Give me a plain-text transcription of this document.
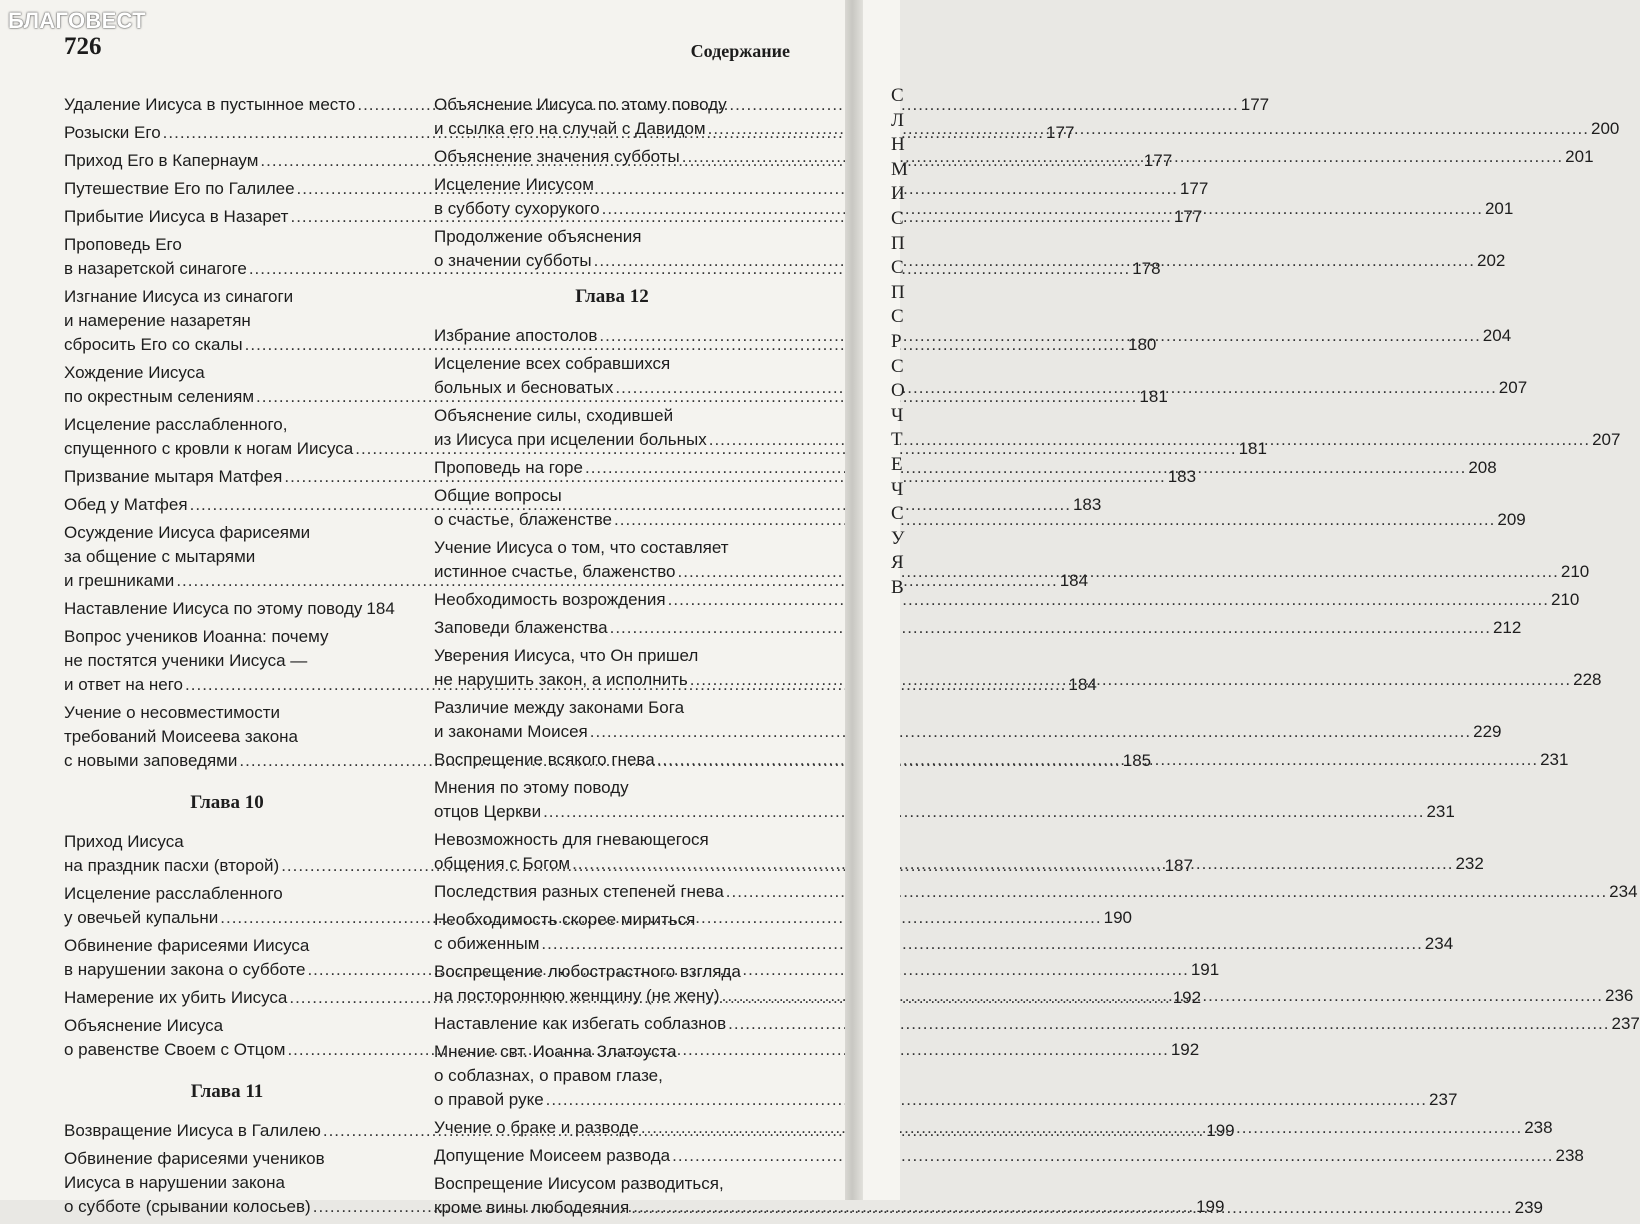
726	Содержание
Удаление Иисуса в пустынное место .....	177
Розыски Его .....	177
Приход Его в Капернаум .....	177
Путешествие Его по Галилее .....	177
Прибытие Иисуса в Назарет .....	177
Проповедь Его
в назаретской синагоге .....	178
Изгнание Иисуса из синагоги
и намерение назаретян
сбросить Его со скалы .....	180
Хождение Иисуса
по окрестным селениям .....	181
Исцеление расслабленного,
спущенного с кровли к ногам Иисуса .....	181
Призвание мытаря Матфея .....	183
Обед у Матфея .....	183
Осуждение Иисуса фарисеями
за общение с мытарями
и грешниками .....	184
Наставление Иисуса по этому поводу 184
Вопрос учеников Иоанна: почему
не постятся ученики Иисуса —
и ответ на него .....	184
Учение о несовместимости
требований Моисеева закона
с новыми заповедями .....	185
Глава 10
Приход Иисуса
на праздник пасхи (второй) .....	187
Исцеление расслабленного
у овечьей купальни .....	190
Обвинение фарисеями Иисуса
в нарушении закона о субботе .....	191
Намерение их убить Иисуса .....	192
Объяснение Иисуса
о равенстве Своем с Отцом .....	192
Глава 11
Возвращение Иисуса в Галилею .....	199
Обвинение фарисеями учеников
Иисуса в нарушении закона
о субботе (срывании колосьев) .....	199
Объяснение Иисуса по этому поводу
и ссылка его на случай с Давидом .....	200
Объяснение значения субботы .....	201
Исцеление Иисусом
в субботу сухорукого .....	201
Продолжение объяснения
о значении субботы .....	202
Глава 12
Избрание апостолов .....	204
Исцеление всех собравшихся
больных и бесноватых .....	207
Объяснение силы, сходившей
из Иисуса при исцелении больных .....	207
Проповедь на горе .....	208
Общие вопросы
о счастье, блаженстве .....	209
Учение Иисуса о том, что составляет
истинное счастье, блаженство .....	210
Необходимость возрождения .....	210
Заповеди блаженства .....	212
Уверения Иисуса, что Он пришел
не нарушить закон, а исполнить .....	228
Различие между законами Бога
и законами Моисея .....	229
Воспрещение всякого гнева .....	231
Мнения по этому поводу
отцов Церкви .....	231
Невозможность для гневающегося
общения с Богом .....	232
Последствия разных степеней гнева .....	234
Необходимость скорее мириться
с обиженным .....	234
Воспрещение любострастного взгляда
на постороннюю женщину (не жену) .....	236
Наставление как избегать соблазнов .....	237
Мнение свт. Иоанна Златоуста
о соблазнах, о правом глазе,
о правой руке .....	237
Учение о браке и разводе .....	238
Допущение Моисеем развода .....	238
Воспрещение Иисусом разводиться,
кроме вины любодеяния .....	239
С
Л
Н
М
И
С
П
С
П
С
Р
С
О
Ч
Т
Е
Ч
С
У
Я
В
БЛАГОВЕСТ
